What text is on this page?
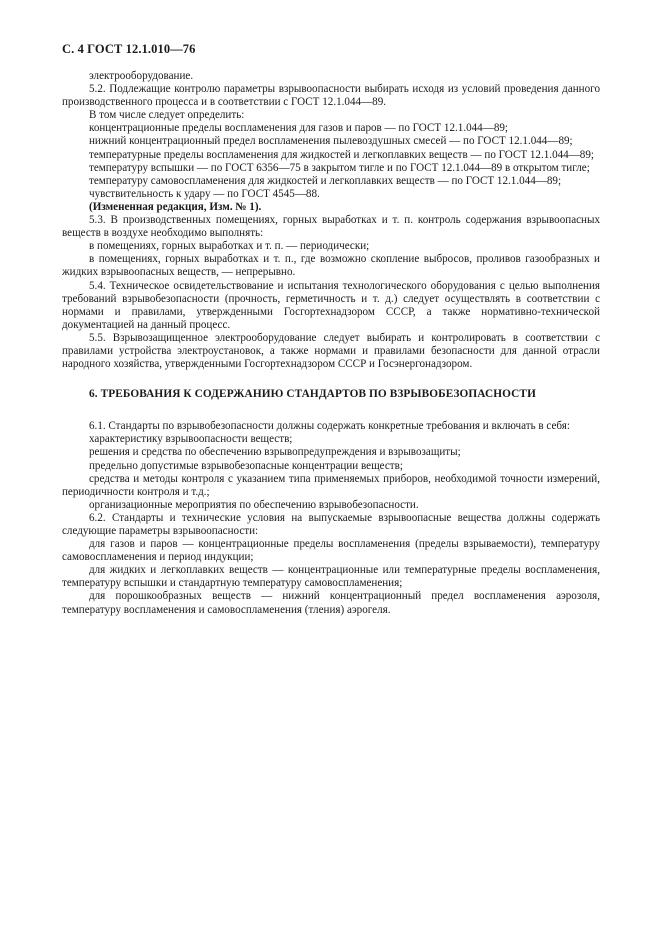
С. 4 ГОСТ 12.1.010—76

электрооборудование.

5.2. Подлежащие контролю параметры взрывоопасности выбирать исходя из условий проведения данного производственного процесса и в соответствии с ГОСТ 12.1.044—89.

В том числе следует определить:

концентрационные пределы воспламенения для газов и паров — по ГОСТ 12.1.044—89;

нижний концентрационный предел воспламенения пылевоздушных смесей — по ГОСТ 12.1.044—89;

температурные пределы воспламенения для жидкостей и легкоплавких веществ — по ГОСТ 12.1.044—89;

температуру вспышки — по ГОСТ 6356—75 в закрытом тигле и по ГОСТ 12.1.044—89 в открытом тигле;

температуру самовоспламенения для жидкостей и легкоплавких веществ — по ГОСТ 12.1.044—89;

чувствительность к удару — по ГОСТ 4545—88.

(Измененная редакция, Изм. № 1).

5.3. В производственных помещениях, горных выработках и т. п. контроль содержания взрывоопасных веществ в воздухе необходимо выполнять:

в помещениях, горных выработках и т. п. — периодически;

в помещениях, горных выработках и т. п., где возможно скопление выбросов, проливов газообразных и жидких взрывоопасных веществ, — непрерывно.

5.4. Техническое освидетельствование и испытания технологического оборудования с целью выполнения требований взрывобезопасности (прочность, герметичность и т. д.) следует осуществлять в соответствии с нормами и правилами, утвержденными Госгортехнадзором СССР, а также нормативно-технической документацией на данный процесс.

5.5. Взрывозащищенное электрооборудование следует выбирать и контролировать в соответствии с правилами устройства электроустановок, а также нормами и правилами безопасности для данной отрасли народного хозяйства, утвержденными Госгортехнадзором СССР и Госэнергонадзором.

6. ТРЕБОВАНИЯ К СОДЕРЖАНИЮ СТАНДАРТОВ ПО ВЗРЫВОБЕЗОПАСНОСТИ

6.1. Стандарты по взрывобезопасности должны содержать конкретные требования и включать в себя:

характеристику взрывоопасности веществ;

решения и средства по обеспечению взрывопредупреждения и взрывозащиты;

предельно допустимые взрывобезопасные концентрации веществ;

средства и методы контроля с указанием типа применяемых приборов, необходимой точности измерений, периодичности контроля и т.д.;

организационные мероприятия по обеспечению взрывобезопасности.

6.2. Стандарты и технические условия на выпускаемые взрывоопасные вещества должны содержать следующие параметры взрывоопасности:

для газов и паров — концентрационные пределы воспламенения (пределы взрываемости), температуру самовоспламенения и период индукции;

для жидких и легкоплавких веществ — концентрационные или температурные пределы воспламенения, температуру вспышки и стандартную температуру самовоспламенения;

для порошкообразных веществ — нижний концентрационный предел воспламенения аэрозоля, температуру воспламенения и самовоспламенения (тления) аэрогеля.
